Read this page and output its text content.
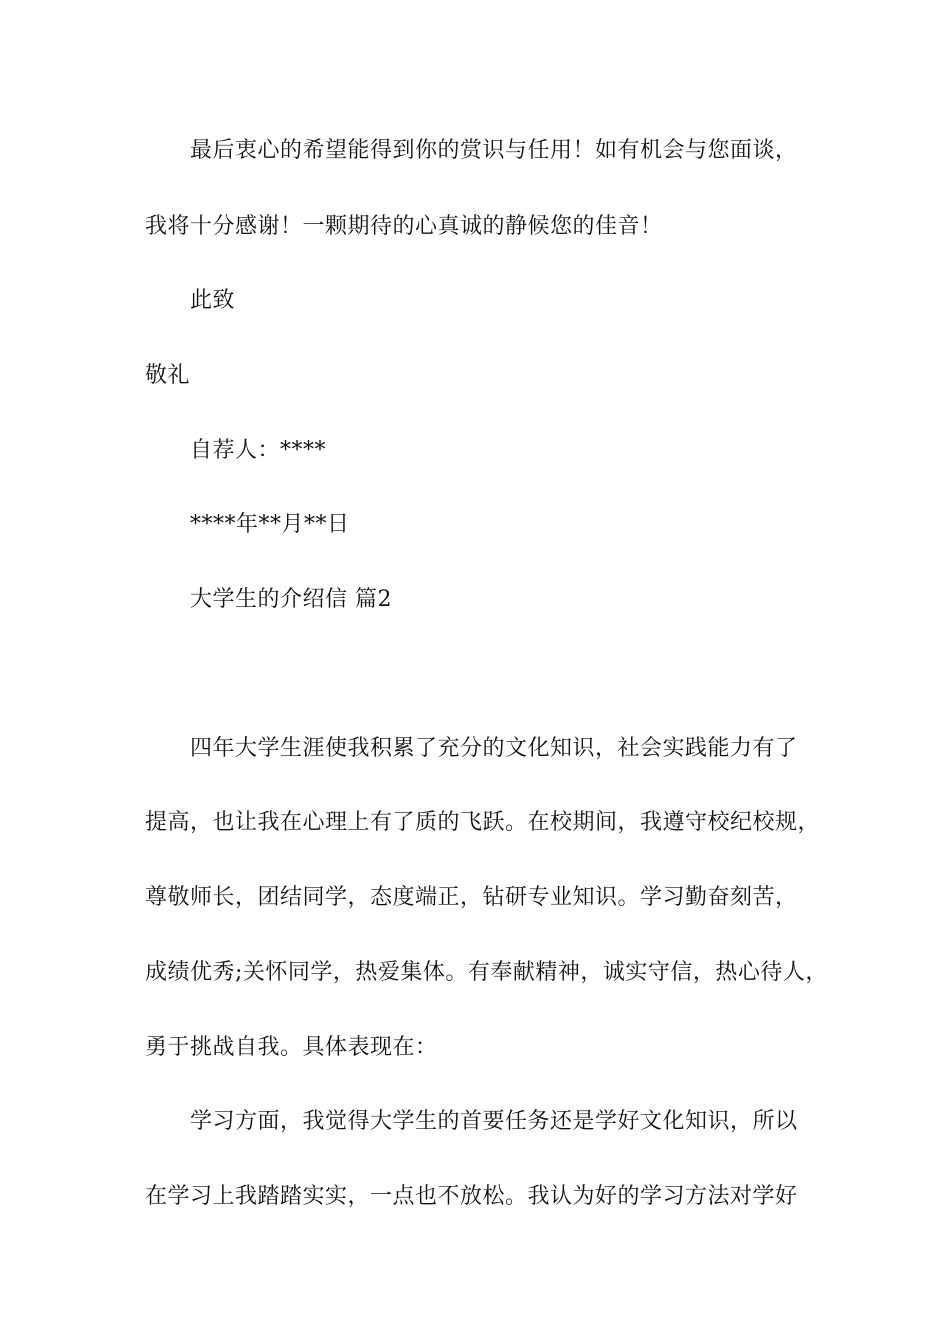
最后衷心的希望能得到你的赏识与任用！如有机会与您面谈，
我将十分感谢！一颗期待的心真诚的静候您的佳音！
此致
敬礼
自荐人：****
****年**月**日
大学生的介绍信 篇2
四年大学生涯使我积累了充分的文化知识，社会实践能力有了
提高，也让我在心理上有了质的飞跃。在校期间，我遵守校纪校规，
尊敬师长，团结同学，态度端正，钻研专业知识。学习勤奋刻苦，
成绩优秀;关怀同学，热爱集体。有奉献精神，诚实守信，热心待人，
勇于挑战自我。具体表现在：
学习方面，我觉得大学生的首要任务还是学好文化知识，所以
在学习上我踏踏实实，一点也不放松。我认为好的学习方法对学好
